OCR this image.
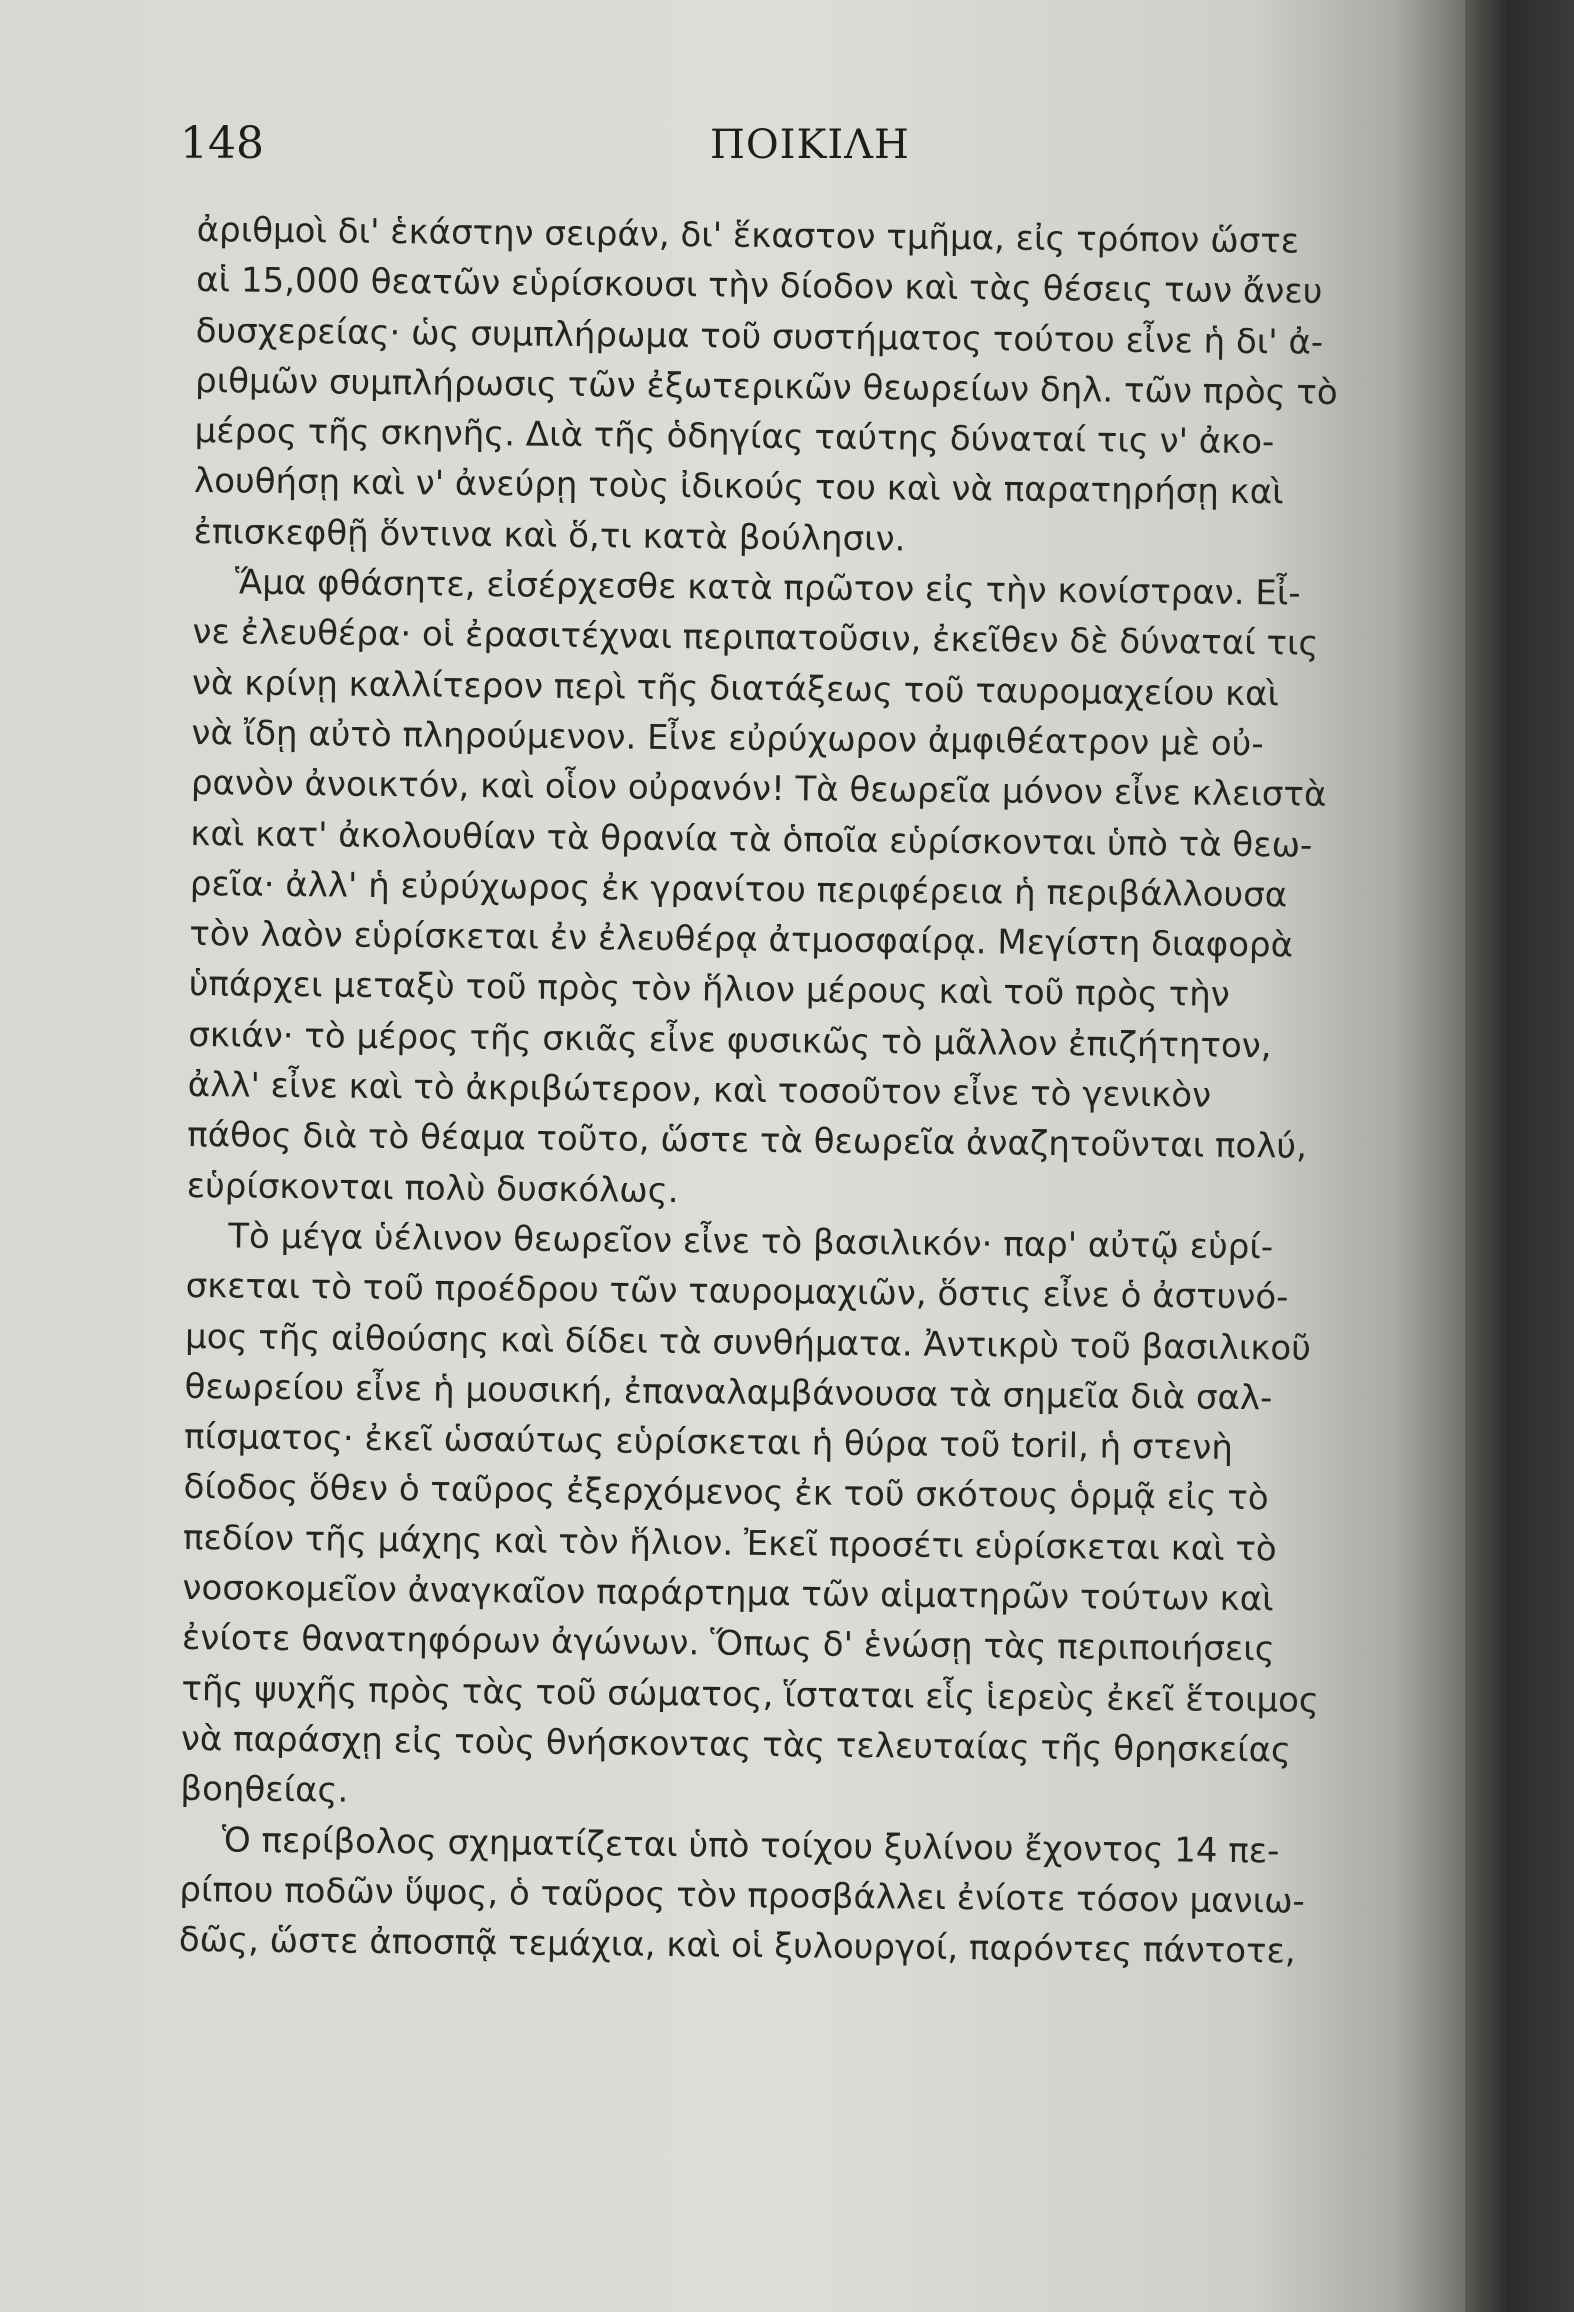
148	ΠΟΙΚΙΛΗ
ἀριθμοὶ δι' ἑκάστην σειράν, δι' ἕκαστον τμῆμα, εἰς τρόπον ὥστε
αἱ 15,000 θεατῶν εὑρίσκουσι τὴν δίοδον καὶ τὰς θέσεις των ἄνευ
δυσχερείας· ὡς συμπλήρωμα τοῦ συστήματος τούτου εἶνε ἡ δι' ἀ-
ριθμῶν συμπλήρωσις τῶν ἐξωτερικῶν θεωρείων δηλ. τῶν πρὸς τὸ
μέρος τῆς σκηνῆς. Διὰ τῆς ὁδηγίας ταύτης δύναταί τις ν' ἀκο-
λουθήσῃ καὶ ν' ἀνεύρῃ τοὺς ἰδικούς του καὶ νὰ παρατηρήσῃ καὶ
ἐπισκεφθῇ ὅντινα καὶ ὅ,τι κατὰ βούλησιν.
Ἅμα φθάσητε, εἰσέρχεσθε κατὰ πρῶτον εἰς τὴν κονίστραν. Εἶ-
νε ἐλευθέρα· οἱ ἐρασιτέχναι περιπατοῦσιν, ἐκεῖθεν δὲ δύναταί τις
νὰ κρίνῃ καλλίτερον περὶ τῆς διατάξεως τοῦ ταυρομαχείου καὶ
νὰ ἴδῃ αὐτὸ πληρούμενον. Εἶνε εὐρύχωρον ἀμφιθέατρον μὲ οὐ-
ρανὸν ἀνοικτόν, καὶ οἷον οὐρανόν! Τὰ θεωρεῖα μόνον εἶνε κλειστὰ
καὶ κατ' ἀκολουθίαν τὰ θρανία τὰ ὁποῖα εὑρίσκονται ὑπὸ τὰ θεω-
ρεῖα· ἀλλ' ἡ εὐρύχωρος ἐκ γρανίτου περιφέρεια ἡ περιβάλλουσα
τὸν λαὸν εὑρίσκεται ἐν ἐλευθέρᾳ ἀτμοσφαίρᾳ. Μεγίστη διαφορὰ
ὑπάρχει μεταξὺ τοῦ πρὸς τὸν ἥλιον μέρους καὶ τοῦ πρὸς τὴν
σκιάν· τὸ μέρος τῆς σκιᾶς εἶνε φυσικῶς τὸ μᾶλλον ἐπιζήτητον,
ἀλλ' εἶνε καὶ τὸ ἀκριβώτερον, καὶ τοσοῦτον εἶνε τὸ γενικὸν
πάθος διὰ τὸ θέαμα τοῦτο, ὥστε τὰ θεωρεῖα ἀναζητοῦνται πολύ,
εὑρίσκονται πολὺ δυσκόλως.
Τὸ μέγα ὑέλινον θεωρεῖον εἶνε τὸ βασιλικόν· παρ' αὐτῷ εὑρί-
σκεται τὸ τοῦ προέδρου τῶν ταυρομαχιῶν, ὅστις εἶνε ὁ ἀστυνό-
μος τῆς αἰθούσης καὶ δίδει τὰ συνθήματα. Ἀντικρὺ τοῦ βασιλικοῦ
θεωρείου εἶνε ἡ μουσική, ἐπαναλαμβάνουσα τὰ σημεῖα διὰ σαλ-
πίσματος· ἐκεῖ ὡσαύτως εὑρίσκεται ἡ θύρα τοῦ toril, ἡ στενὴ
δίοδος ὅθεν ὁ ταῦρος ἐξερχόμενος ἐκ τοῦ σκότους ὁρμᾷ εἰς τὸ
πεδίον τῆς μάχης καὶ τὸν ἥλιον. Ἐκεῖ προσέτι εὑρίσκεται καὶ τὸ
νοσοκομεῖον ἀναγκαῖον παράρτημα τῶν αἱματηρῶν τούτων καὶ
ἐνίοτε θανατηφόρων ἀγώνων. Ὅπως δ' ἑνώσῃ τὰς περιποιήσεις
τῆς ψυχῆς πρὸς τὰς τοῦ σώματος, ἵσταται εἷς ἱερεὺς ἐκεῖ ἕτοιμος
νὰ παράσχῃ εἰς τοὺς θνήσκοντας τὰς τελευταίας τῆς θρησκείας
βοηθείας.
Ὁ περίβολος σχηματίζεται ὑπὸ τοίχου ξυλίνου ἔχοντος 14 πε-
ρίπου ποδῶν ὕψος, ὁ ταῦρος τὸν προσβάλλει ἐνίοτε τόσον μανιω-
δῶς, ὥστε ἀποσπᾷ τεμάχια, καὶ οἱ ξυλουργοί, παρόντες πάντοτε,
